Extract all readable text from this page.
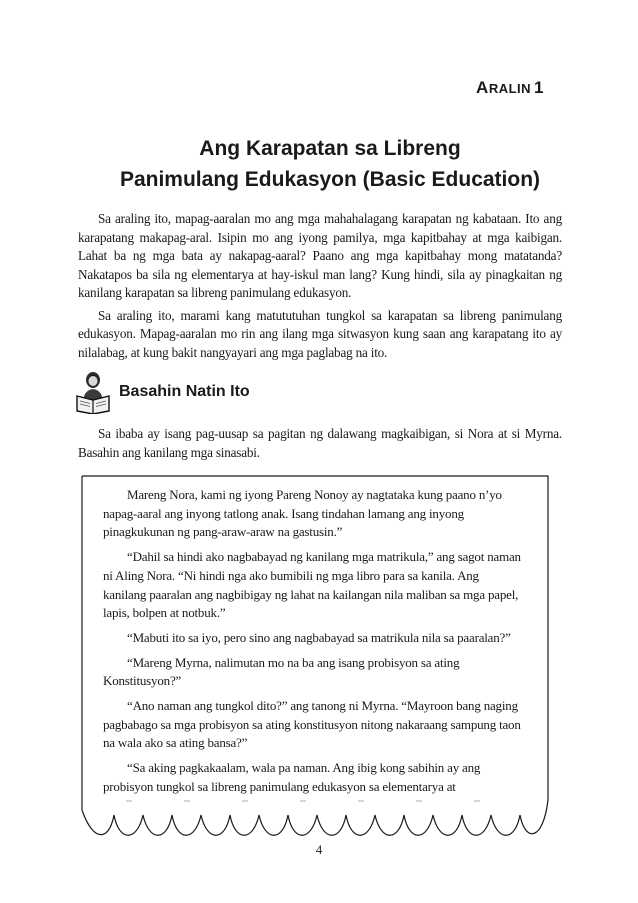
ARALIN 1
Ang Karapatan sa Libreng
Panimulang Edukasyon (Basic Education)

Sa araling ito, mapag-aaralan mo ang mga mahahalagang karapatan ng kabataan. Ito ang karapatang makapag-aral. Isipin mo ang iyong pamilya, mga kapitbahay at mga kaibigan. Lahat ba ng mga bata ay nakapag-aaral? Paano ang mga kapitbahay mong matatanda? Nakatapos ba sila ng elementarya at hay-iskul man lang? Kung hindi, sila ay pinagkaitan ng kanilang karapatan sa libreng panimulang edukasyon.

Sa araling ito, marami kang matututuhan tungkol sa karapatan sa libreng panimulang edukasyon. Mapag-aaralan mo rin ang ilang mga sitwasyon kung saan ang karapatang ito ay nilalabag, at kung bakit nangyayari ang mga paglabag na ito.

Basahin Natin Ito

Sa ibaba ay isang pag-uusap sa pagitan ng dalawang magkaibigan, si Nora at si Myrna. Basahin ang kanilang mga sinasabi.

Mareng Nora, kami ng iyong Pareng Nonoy ay nagtataka kung paano n’yo napag-aaral ang inyong tatlong anak. Isang tindahan lamang ang inyong pinagkukunan ng pang-araw-araw na gastusin.”

“Dahil sa hindi ako nagbabayad ng kanilang mga matrikula,” ang sagot naman ni Aling Nora. “Ni hindi nga ako bumibili ng mga libro para sa kanila. Ang kanilang paaralan ang nagbibigay ng lahat na kailangan nila maliban sa mga papel, lapis, bolpen at notbuk.”

“Mabuti ito sa iyo, pero sino ang nagbabayad sa matrikula nila sa paaralan?”

“Mareng Myrna, nalimutan mo na ba ang isang probisyon sa ating Konstitusyon?”

“Ano naman ang tungkol dito?” ang tanong ni Myrna. “Mayroon bang naging pagbabago sa mga probisyon sa ating konstitusyon nitong nakaraang sampung taon na wala ako sa ating bansa?”

“Sa aking pagkakaalam, wala pa naman. Ang ibig kong sabihin ay ang probisyon tungkol sa libreng panimulang edukasyon sa elementarya at

4
